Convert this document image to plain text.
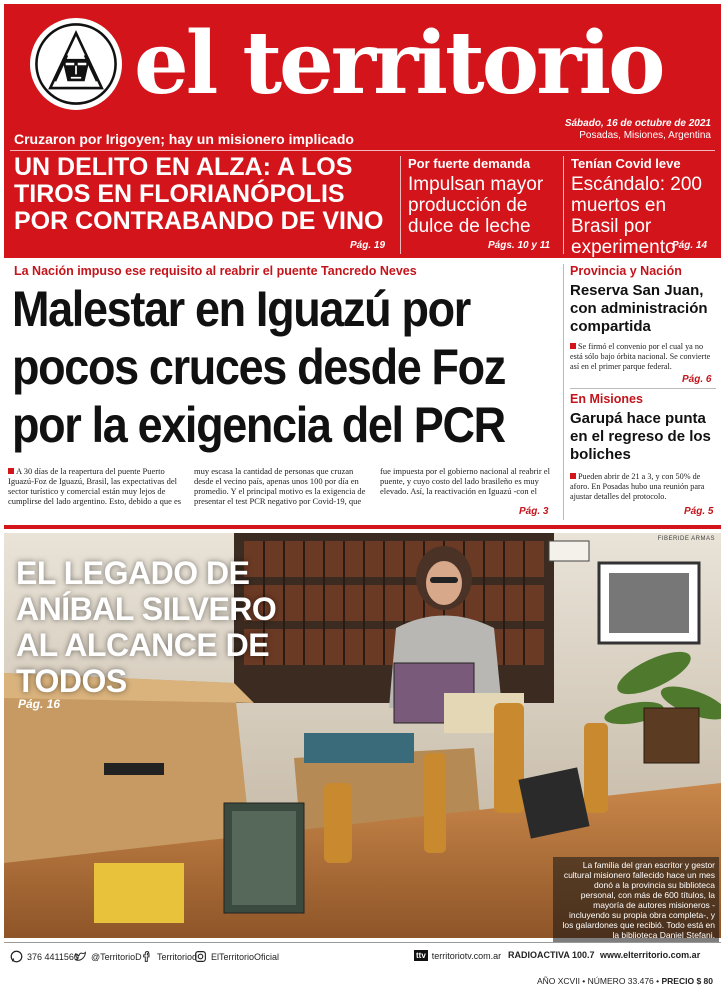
el territorio
Sábado, 16 de octubre de 2021
Posadas, Misiones, Argentina
Cruzaron por Irigoyen; hay un misionero implicado
UN DELITO EN ALZA: A LOS TIROS EN FLORIANÓPOLIS POR CONTRABANDO DE VINO
Pág. 19
Por fuerte demanda
Impulsan mayor producción de dulce de leche
Págs. 10 y 11
Tenían Covid leve
Escándalo: 200 muertos en Brasil por experimento
Pág. 14
La Nación impuso ese requisito al reabrir el puente Tancredo Neves
Malestar en Iguazú por pocos cruces desde Foz por la exigencia del PCR
A 30 días de la reapertura del puente Puerto Iguazú-Foz de Iguazú, Brasil, las expectativas del sector turístico y comercial están muy lejos de cumplirse del lado argentino. Esto, debido a que es muy escasa la cantidad de personas que cruzan desde el vecino país, apenas unos 100 por día en promedio. Y el principal motivo es la exigencia de presentar el test PCR negativo por Covid-19, que fue impuesta por el gobierno nacional al reabrir el puente, y cuyo costo del lado brasileño es muy elevado. Así, la reactivación en Iguazú -con el
Pág. 3
Provincia y Nación
Reserva San Juan, con administración compartida
Se firmó el convenio por el cual ya no está sólo bajo órbita nacional. Se convierte así en el primer parque federal.
Pág. 6
En Misiones
Garupá hace punta en el regreso de los boliches
Pueden abrir de 21 a 3, y con 50% de aforo. En Posadas hubo una reunión para ajustar detalles del protocolo.
Pág. 5
FIBERIDE ARMAS
EL LEGADO DE ANÍBAL SILVERO AL ALCANCE DE TODOS
Pág. 16
La familia del gran escritor y gestor cultural misionero fallecido hace un mes donó a la provincia su biblioteca personal, con más de 600 títulos, la mayoría de autores misioneros -incluyendo su propia obra completa-, y los galardones que recibió. Todo está en la biblioteca Daniel Stefani.
376 4411560 @TerritorioD Territoriod ElTerritorioOficial	ttv territoriotv.com.ar RADIOACTIVA 100.7 www.elterritorio.com.ar
AÑO XCVII • NÚMERO 33.476 • PRECIO $ 80
